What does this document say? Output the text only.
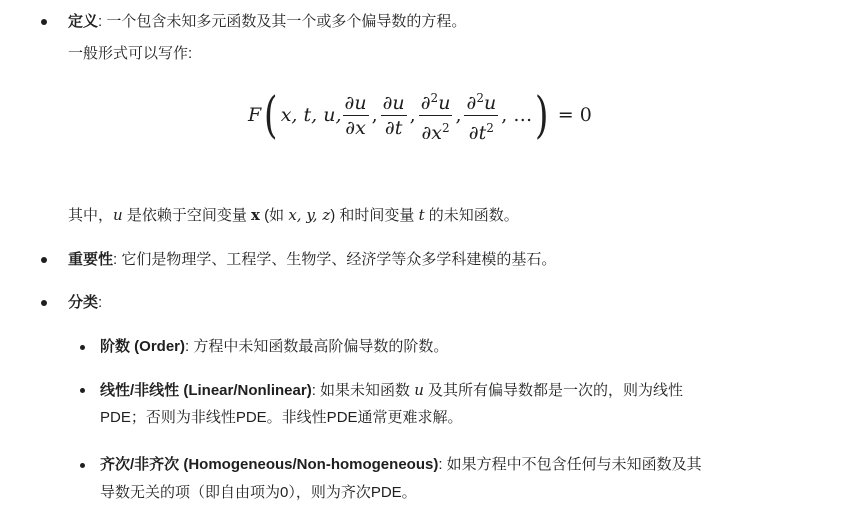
定义: 一个包含未知多元函数及其一个或多个偏导数的方程。
一般形式可以写作:
F ( x, t, u, $\frac{\partial u}{\partial x}$ , $\frac{\partial u}{\partial t}$ , $\frac{\partial^2u}{\partial x^2}$ , $\frac{\partial^2u}{\partial t^2}$ , … ) = 0
其中，u 是依赖于空间变量 x (如 x, y, z) 和时间变量 t 的未知函数。
重要性: 它们是物理学、工程学、生物学、经济学等众多学科建模的基石。
分类:
阶数 (Order): 方程中未知函数最高阶偏导数的阶数。
线性/非线性 (Linear/Nonlinear): 如果未知函数 u 及其所有偏导数都是一次的，则为线性
PDE；否则为非线性PDE。非线性PDE通常更难求解。
齐次/非齐次 (Homogeneous/Non-homogeneous): 如果方程中不包含任何与未知函数及其
导数无关的项（即自由项为0），则为齐次PDE。
